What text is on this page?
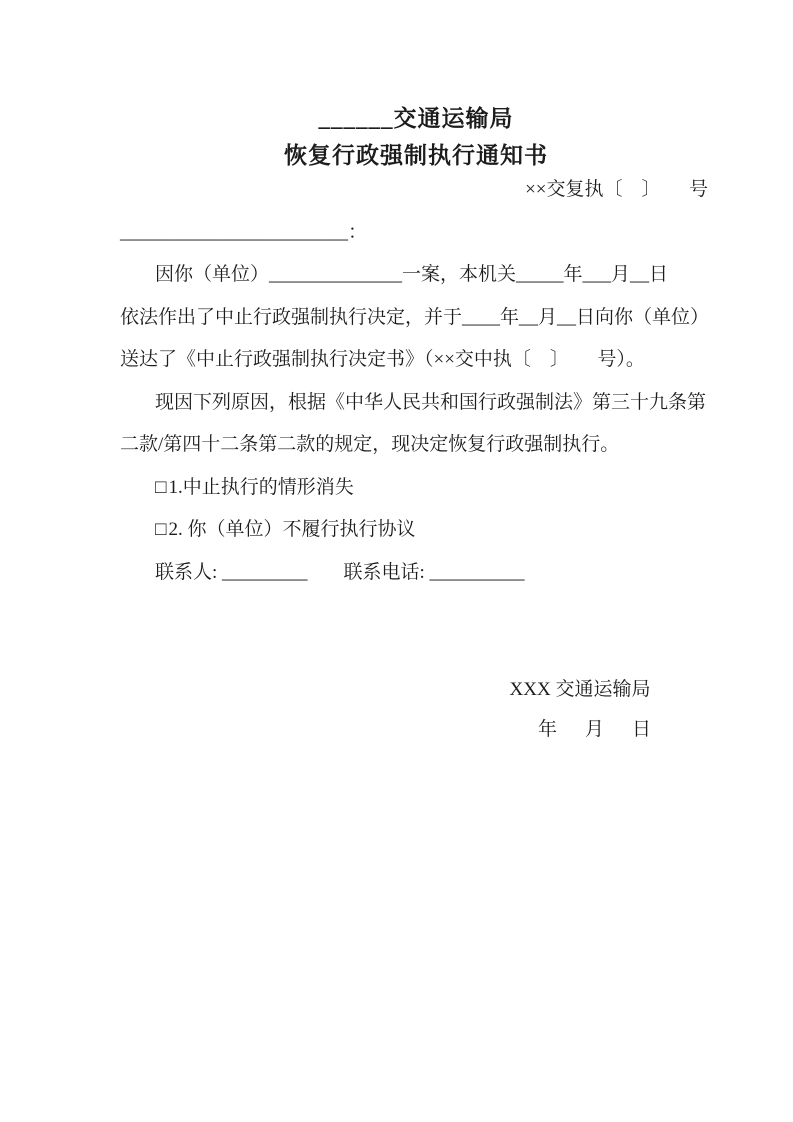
______交通运输局
恢复行政强制执行通知书
××交复执〔　〕　　号
________________________：
因你（单位）______________一案，本机关_____年___月__日
依法作出了中止行政强制执行决定，并于____年__月__日向你（单位）
送达了《中止行政强制执行决定书》（××交中执〔　〕　　号）。
现因下列原因，根据《中华人民共和国行政强制法》第三十九条第
二款/第四十二条第二款的规定，现决定恢复行政强制执行。
□ 1.中止执行的情形消失
□ 2. 你（单位）不履行执行协议
联系人: _________ 联系电话: __________
XXX 交通运输局
年 月 日
